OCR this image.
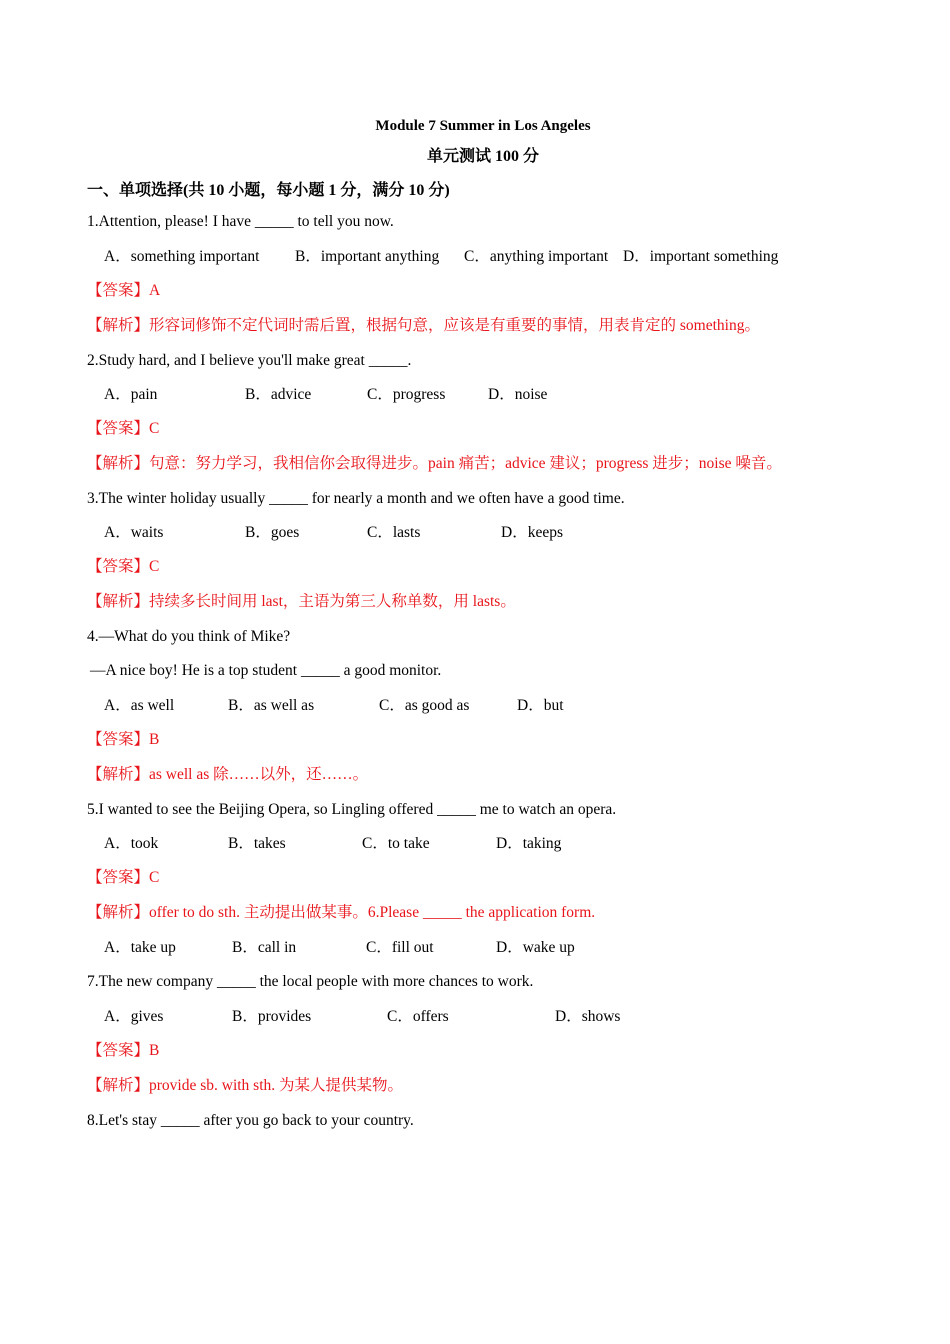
Module 7 Summer in Los Angeles
单元测试 100 分
一、单项选择(共 10 小题，每小题 1 分，满分 10 分)
1.Attention, please! I have _____ to tell you now.
A．something important B．important anything C．anything important D．important something
【答案】A
【解析】形容词修饰不定代词时需后置，根据句意，应该是有重要的事情，用表肯定的 something。
2.Study hard, and I believe you'll make great _____.
A．pain	B．advice	C．progress	D．noise
【答案】C
【解析】句意：努力学习，我相信你会取得进步。pain 痛苦；advice 建议；progress 进步；noise 噪音。
3.The winter holiday usually _____ for nearly a month and we often have a good time.
A．waits	B．goes	C．lasts	D．keeps
【答案】C
【解析】持续多长时间用 last，主语为第三人称单数，用 lasts。
4.—What do you think of Mike?
—A nice boy! He is a top student _____ a good monitor.
A．as well	B．as well as	C．as good as	D．but
【答案】B
【解析】as well as 除……以外，还……。
5.I wanted to see the Beijing Opera, so Lingling offered _____ me to watch an opera.
A．took	B．takes	C．to take	D．taking
【答案】C
【解析】offer to do sth. 主动提出做某事。6.Please _____ the application form.
A．take up	B．call in	C．fill out	D．wake up
7.The new company _____ the local people with more chances to work.
A．gives	B．provides	C．offers	D．shows
【答案】B
【解析】provide sb. with sth. 为某人提供某物。
8.Let's stay _____ after you go back to your country.
